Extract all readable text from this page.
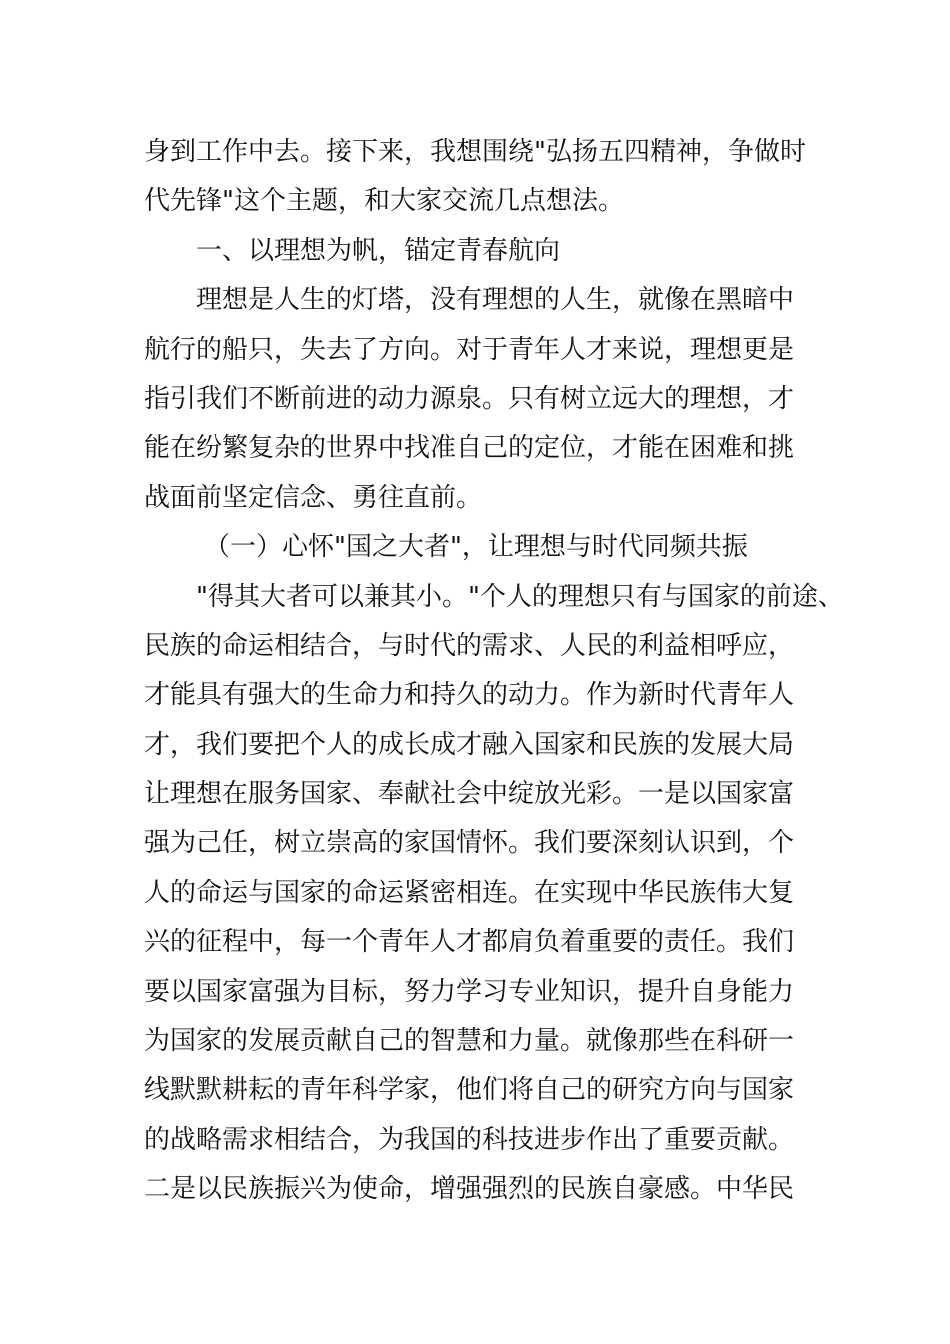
身到工作中去。接下来，我想围绕"弘扬五四精神，争做时

代先锋"这个主题，和大家交流几点想法。

一、以理想为帆，锚定青春航向

理想是人生的灯塔，没有理想的人生，就像在黑暗中

航行的船只，失去了方向。对于青年人才来说，理想更是

指引我们不断前进的动力源泉。只有树立远大的理想，才

能在纷繁复杂的世界中找准自己的定位，才能在困难和挑

战面前坚定信念、勇往直前。

（一）心怀"国之大者"，让理想与时代同频共振

"得其大者可以兼其小。"个人的理想只有与国家的前途、

民族的命运相结合，与时代的需求、人民的利益相呼应，

才能具有强大的生命力和持久的动力。作为新时代青年人

才，我们要把个人的成长成才融入国家和民族的发展大局

让理想在服务国家、奉献社会中绽放光彩。一是以国家富

强为己任，树立崇高的家国情怀。我们要深刻认识到，个

人的命运与国家的命运紧密相连。在实现中华民族伟大复

兴的征程中，每一个青年人才都肩负着重要的责任。我们

要以国家富强为目标，努力学习专业知识，提升自身能力

为国家的发展贡献自己的智慧和力量。就像那些在科研一

线默默耕耘的青年科学家，他们将自己的研究方向与国家

的战略需求相结合，为我国的科技进步作出了重要贡献。

二是以民族振兴为使命，增强强烈的民族自豪感。中华民
